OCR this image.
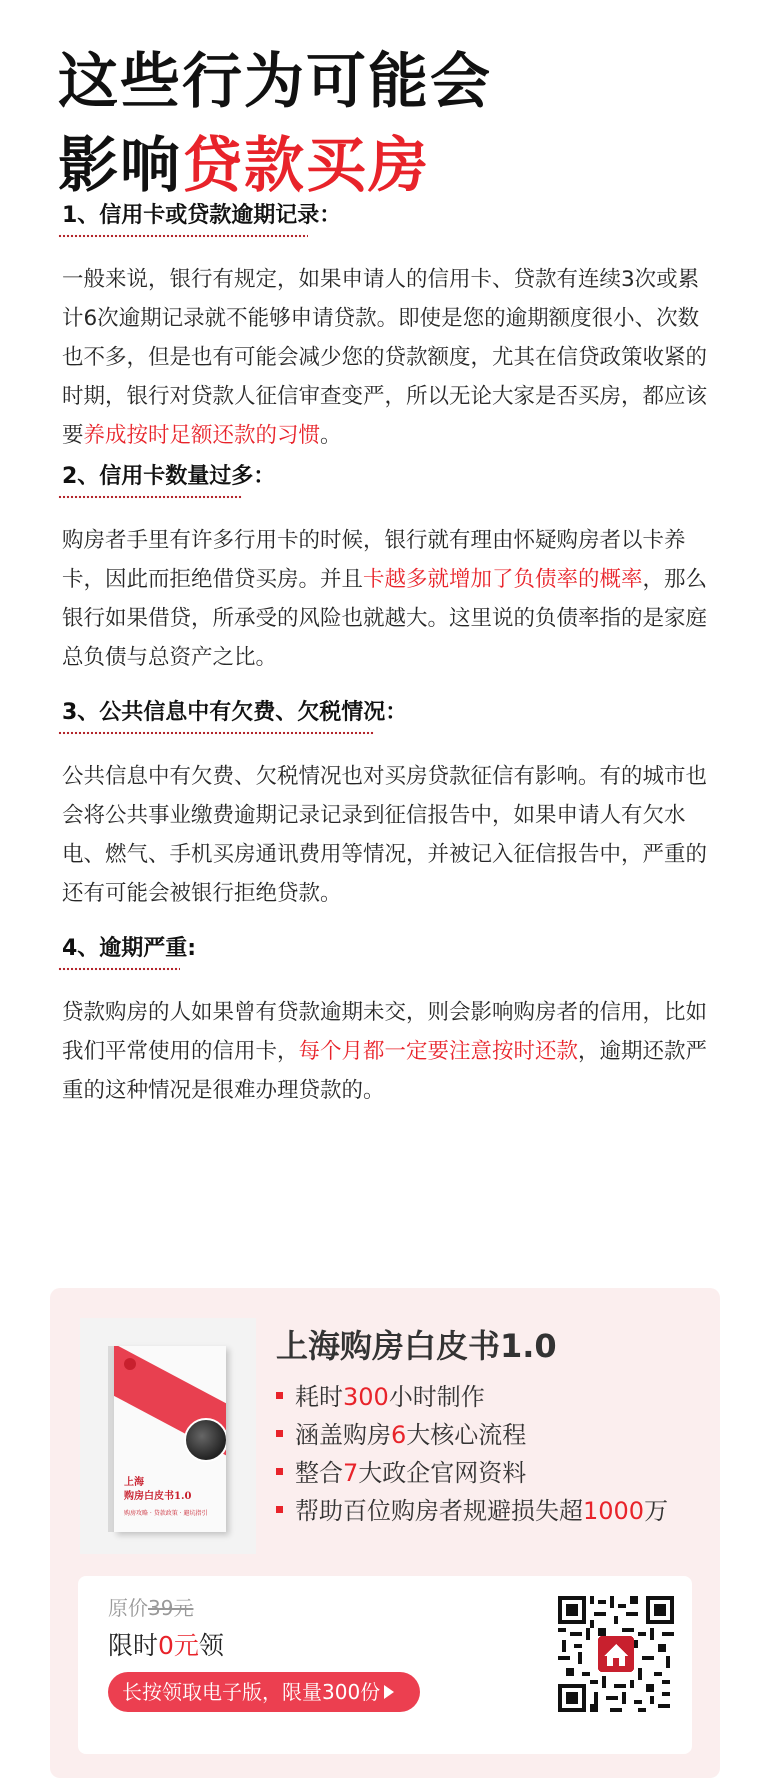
这些行为可能会
影响贷款买房
1、信用卡或贷款逾期记录：

一般来说，银行有规定，如果申请人的信用卡、贷款有连续3次或累计6次逾期记录就不能够申请贷款。即使是您的逾期额度很小、次数也不多，但是也有可能会减少您的贷款额度，尤其在信贷政策收紧的时期，银行对贷款人征信审查变严，所以无论大家是否买房，都应该要养成按时足额还款的习惯。

2、信用卡数量过多：

购房者手里有许多行用卡的时候，银行就有理由怀疑购房者以卡养卡，因此而拒绝借贷买房。并且卡越多就增加了负债率的概率，那么银行如果借贷，所承受的风险也就越大。这里说的负债率指的是家庭总负债与总资产之比。

3、公共信息中有欠费、欠税情况：

公共信息中有欠费、欠税情况也对买房贷款征信有影响。有的城市也会将公共事业缴费逾期记录记录到征信报告中，如果申请人有欠水电、燃气、手机买房通讯费用等情况，并被记入征信报告中，严重的还有可能会被银行拒绝贷款。

4、逾期严重:

贷款购房的人如果曾有贷款逾期未交，则会影响购房者的信用，比如我们平常使用的信用卡，每个月都一定要注意按时还款，逾期还款严重的这种情况是很难办理贷款的。

上海
购房白皮书1.0
购房攻略 · 贷款政策 · 避坑指引
上海购房白皮书1.0

耗时300小时制作

涵盖购房6大核心流程

整合7大政企官网资料

帮助百位购房者规避损失超1000万

原价39元
限时0元领
长按领取电子版，限量300份
